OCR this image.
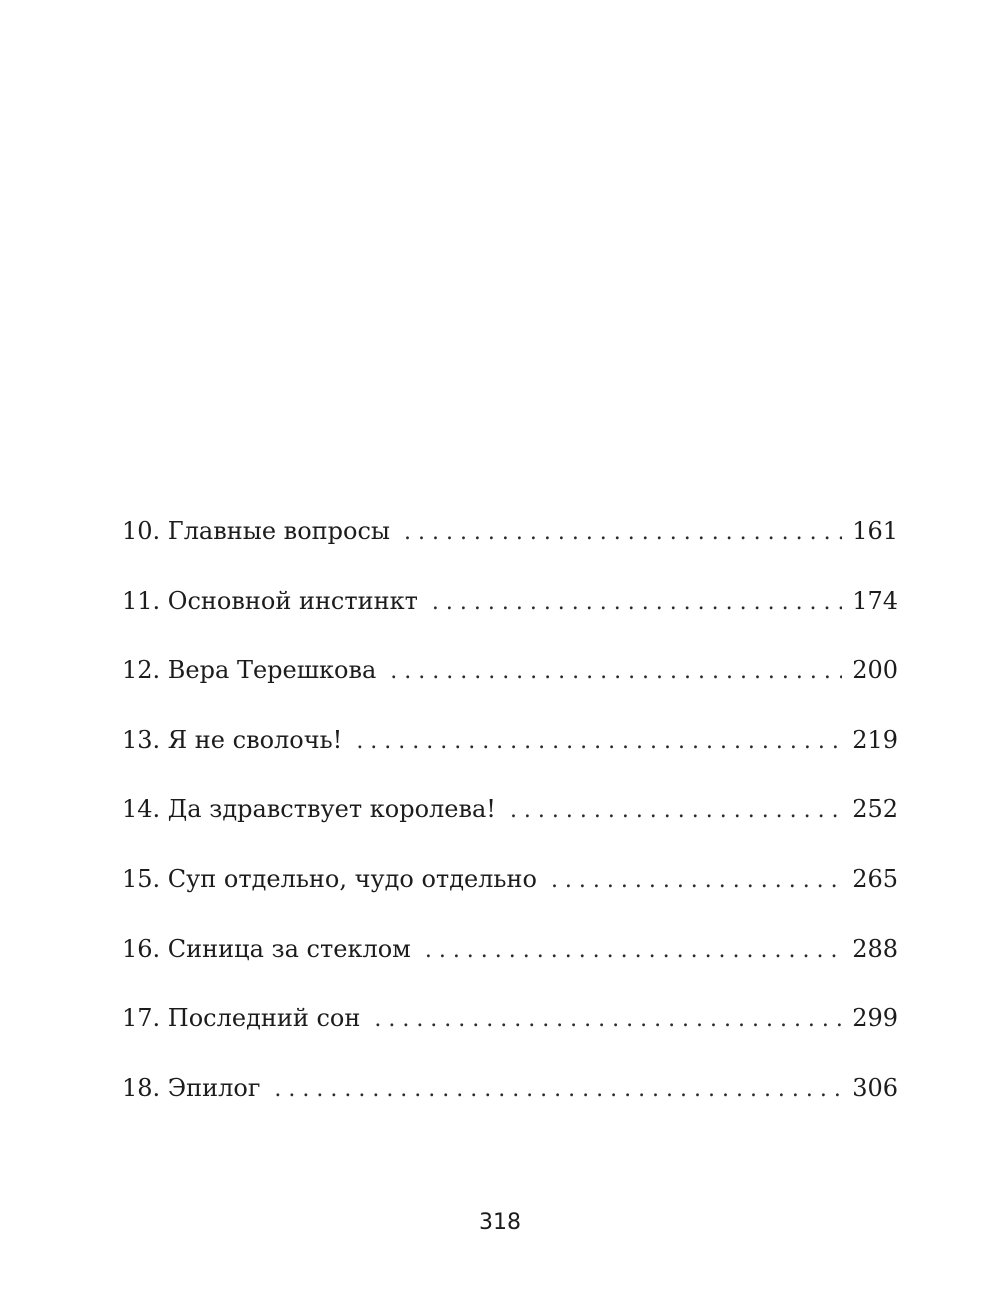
10. Главные вопросы . . .	161
11. Основной инстинкт . . .	174
12. Вера Терешкова . . .	200
13. Я не сволочь! . . .	219
14. Да здравствует королева! . . .	252
15. Суп отдельно, чудо отдельно . . .	265
16. Синица за стеклом . . .	288
17. Последний сон . . .	299
18. Эпилог . . .	306
318
